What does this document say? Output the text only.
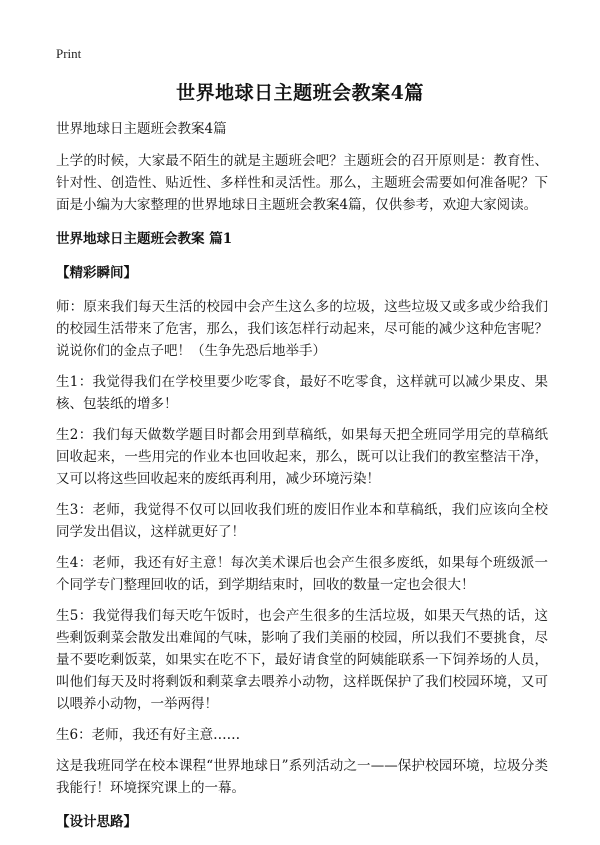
Print
世界地球日主题班会教案4篇

世界地球日主题班会教案4篇

上学的时候，大家最不陌生的就是主题班会吧？主题班会的召开原则是：教育性、针对性、创造性、贴近性、多样性和灵活性。那么，主题班会需要如何准备呢？下面是小编为大家整理的世界地球日主题班会教案4篇，仅供参考，欢迎大家阅读。

世界地球日主题班会教案 篇1

【精彩瞬间】

师：原来我们每天生活的校园中会产生这么多的垃圾，这些垃圾又或多或少给我们的校园生活带来了危害，那么，我们该怎样行动起来，尽可能的减少这种危害呢？说说你们的金点子吧！（生争先恐后地举手）

生1：我觉得我们在学校里要少吃零食，最好不吃零食，这样就可以减少果皮、果核、包装纸的增多！

生2：我们每天做数学题目时都会用到草稿纸，如果每天把全班同学用完的草稿纸回收起来，一些用完的作业本也回收起来，那么，既可以让我们的教室整洁干净，又可以将这些回收起来的废纸再利用，减少环境污染！

生3：老师，我觉得不仅可以回收我们班的废旧作业本和草稿纸，我们应该向全校同学发出倡议，这样就更好了！

生4：老师，我还有好主意！每次美术课后也会产生很多废纸，如果每个班级派一个同学专门整理回收的话，到学期结束时，回收的数量一定也会很大！

生5：我觉得我们每天吃午饭时，也会产生很多的生活垃圾，如果天气热的话，这些剩饭剩菜会散发出难闻的气味，影响了我们美丽的校园，所以我们不要挑食，尽量不要吃剩饭菜，如果实在吃不下，最好请食堂的阿姨能联系一下饲养场的人员，叫他们每天及时将剩饭和剩菜拿去喂养小动物，这样既保护了我们校园环境，又可以喂养小动物，一举两得！

生6：老师，我还有好主意……

这是我班同学在校本课程“世界地球日”系列活动之一——保护校园环境，垃圾分类我能行！环境探究课上的一幕。

【设计思路】
